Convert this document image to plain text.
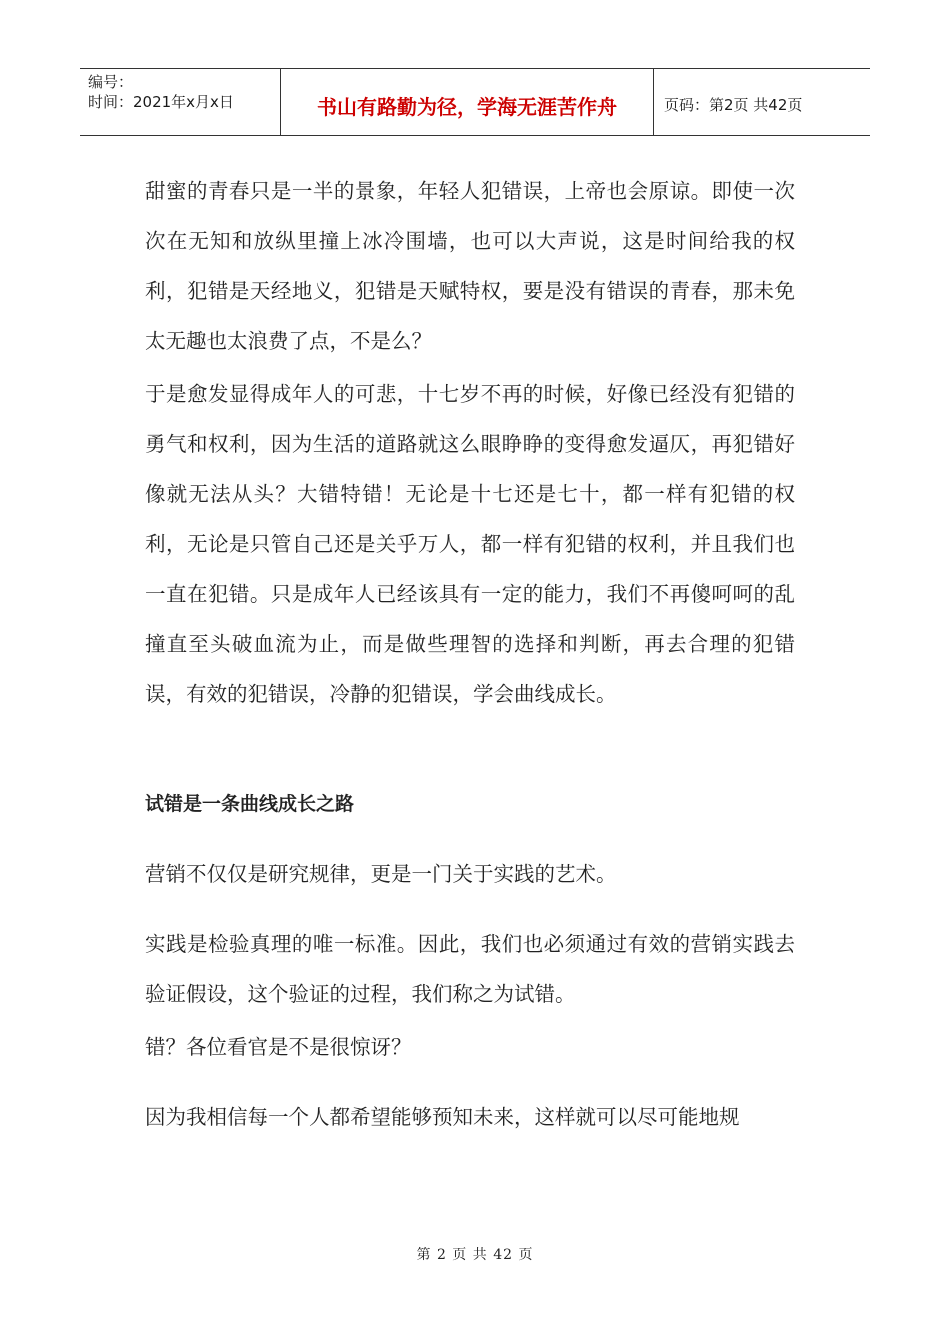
编号：
时间：2021年x月x日	书山有路勤为径，学海无涯苦作舟	页码：第2页 共42页

甜蜜的青春只是一半的景象，年轻人犯错误，上帝也会原谅。即使一次次在无知和放纵里撞上冰冷围墙，也可以大声说，这是时间给我的权利，犯错是天经地义，犯错是天赋特权，要是没有错误的青春，那未免太无趣也太浪费了点，不是么？

于是愈发显得成年人的可悲，十七岁不再的时候，好像已经没有犯错的勇气和权利，因为生活的道路就这么眼睁睁的变得愈发逼仄，再犯错好像就无法从头？大错特错！无论是十七还是七十，都一样有犯错的权利，无论是只管自己还是关乎万人，都一样有犯错的权利，并且我们也一直在犯错。只是成年人已经该具有一定的能力，我们不再傻呵呵的乱撞直至头破血流为止，而是做些理智的选择和判断，再去合理的犯错误，有效的犯错误，冷静的犯错误，学会曲线成长。

试错是一条曲线成长之路

营销不仅仅是研究规律，更是一门关于实践的艺术。

实践是检验真理的唯一标准。因此，我们也必须通过有效的营销实践去验证假设，这个验证的过程，我们称之为试错。

错？各位看官是不是很惊讶？

因为我相信每一个人都希望能够预知未来，这样就可以尽可能地规

第 2 页 共 42 页
